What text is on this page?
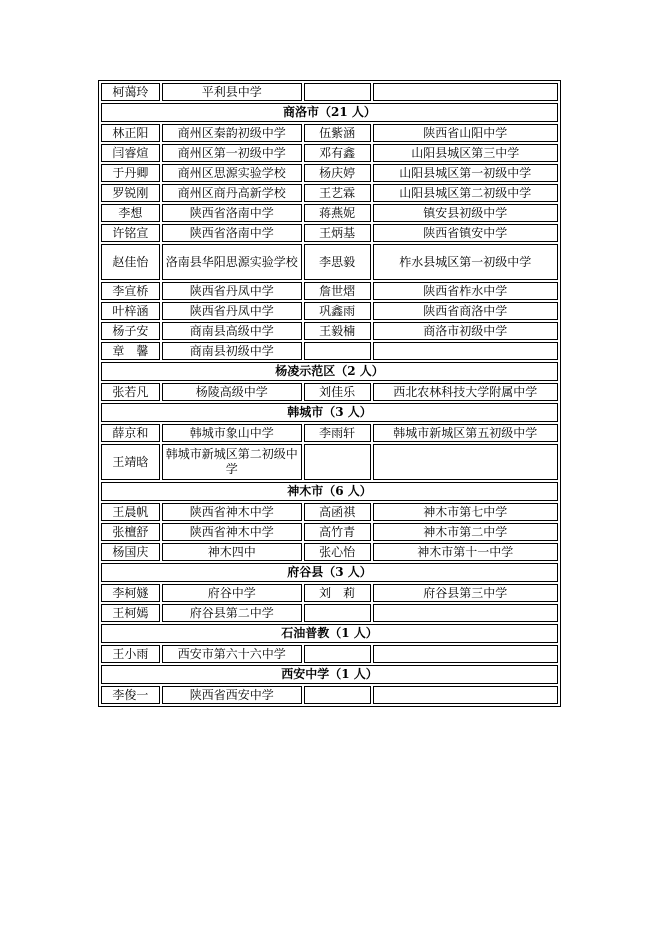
柯蔼玲	平利县中学		
商洛市（21 人）			
林正阳	商州区秦韵初级中学	伍紫涵	陕西省山阳中学
闫睿煊	商州区第一初级中学	邓有鑫	山阳县城区第三中学
于丹卿	商州区思源实验学校	杨庆婷	山阳县城区第一初级中学
罗锐刚	商州区商丹高新学校	王艺霖	山阳县城区第二初级中学
李想	陕西省洛南中学	蒋燕妮	镇安县初级中学
许铭宣	陕西省洛南中学	王炳基	陕西省镇安中学
赵佳怡	洛南县华阳思源实验学校	李思毅	柞水县城区第一初级中学
李宣桥	陕西省丹凤中学	詹世熠	陕西省柞水中学
叶梓涵	陕西省丹凤中学	巩鑫雨	陕西省商洛中学
杨子安	商南县高级中学	王毅楠	商洛市初级中学
章　馨	商南县初级中学		
杨凌示范区（2 人）			
张若凡	杨陵高级中学	刘佳乐	西北农林科技大学附属中学
韩城市（3 人）			
薛京和	韩城市象山中学	李雨轩	韩城市新城区第五初级中学
王靖晗	韩城市新城区第二初级中学		
神木市（6 人）			
王晨帆	陕西省神木中学	高函祺	神木市第七中学
张檀舒	陕西省神木中学	高竹青	神木市第二中学
杨国庆	神木四中	张心怡	神木市第十一中学
府谷县（3 人）			
李柯嬘	府谷中学	刘　莉	府谷县第三中学
王柯嫣	府谷县第二中学		
石油普教（1 人）			
王小雨	西安市第六十六中学		
西安中学（1 人）			
李俊一	陕西省西安中学		
